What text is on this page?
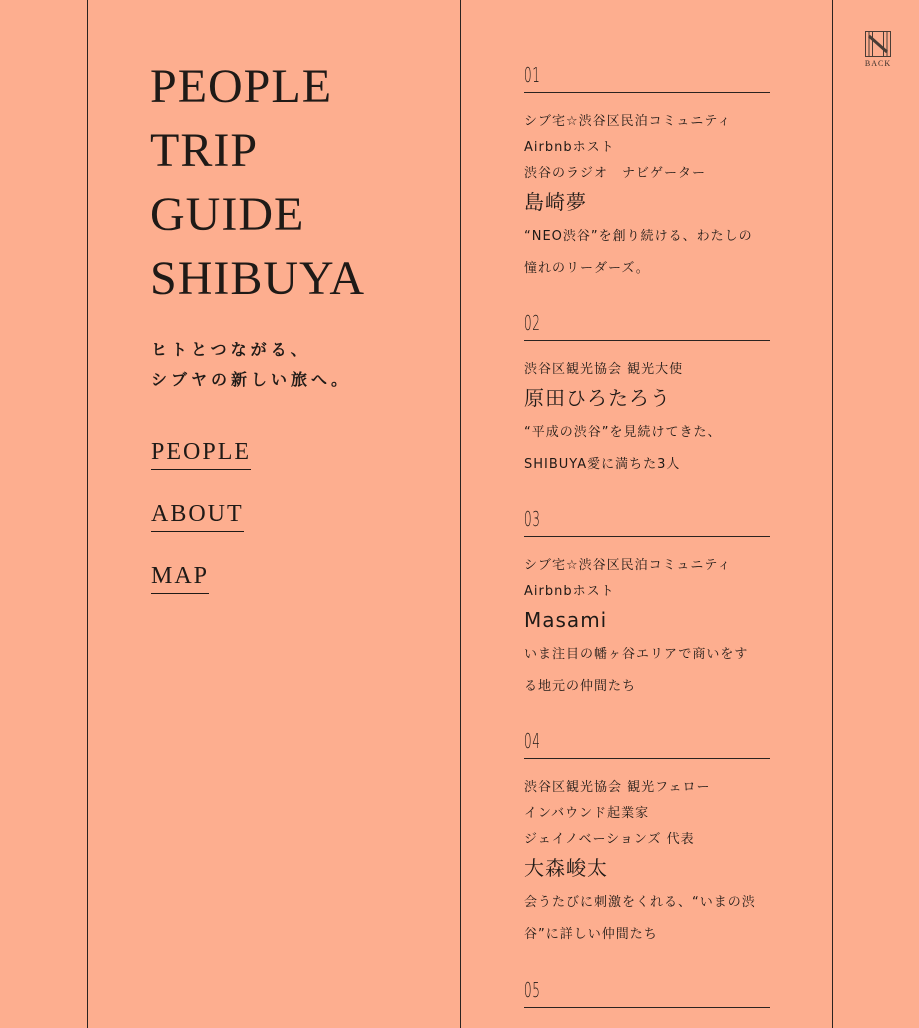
PEOPLE
TRIP
GUIDE
SHIBUYA
ヒトとつながる、
シブヤの新しい旅へ。
PEOPLE
ABOUT
MAP
BACK
01
シブ宅☆渋谷区民泊コミュニティ
Airbnbホスト
渋谷のラジオ　ナビゲーター
島崎夢
“NEO渋谷”を創り続ける、わたしの
憧れのリーダーズ。
02
渋谷区観光協会 観光大使
原田ひろたろう
“平成の渋谷”を見続けてきた、
SHIBUYA愛に満ちた3人
03
シブ宅☆渋谷区民泊コミュニティ
Airbnbホスト
Masami
いま注目の幡ヶ谷エリアで商いをす
る地元の仲間たち
04
渋谷区観光協会 観光フェロー
インバウンド起業家
ジェイノベーションズ 代表
大森峻太
会うたびに刺激をくれる、“いまの渋
谷”に詳しい仲間たち
05
